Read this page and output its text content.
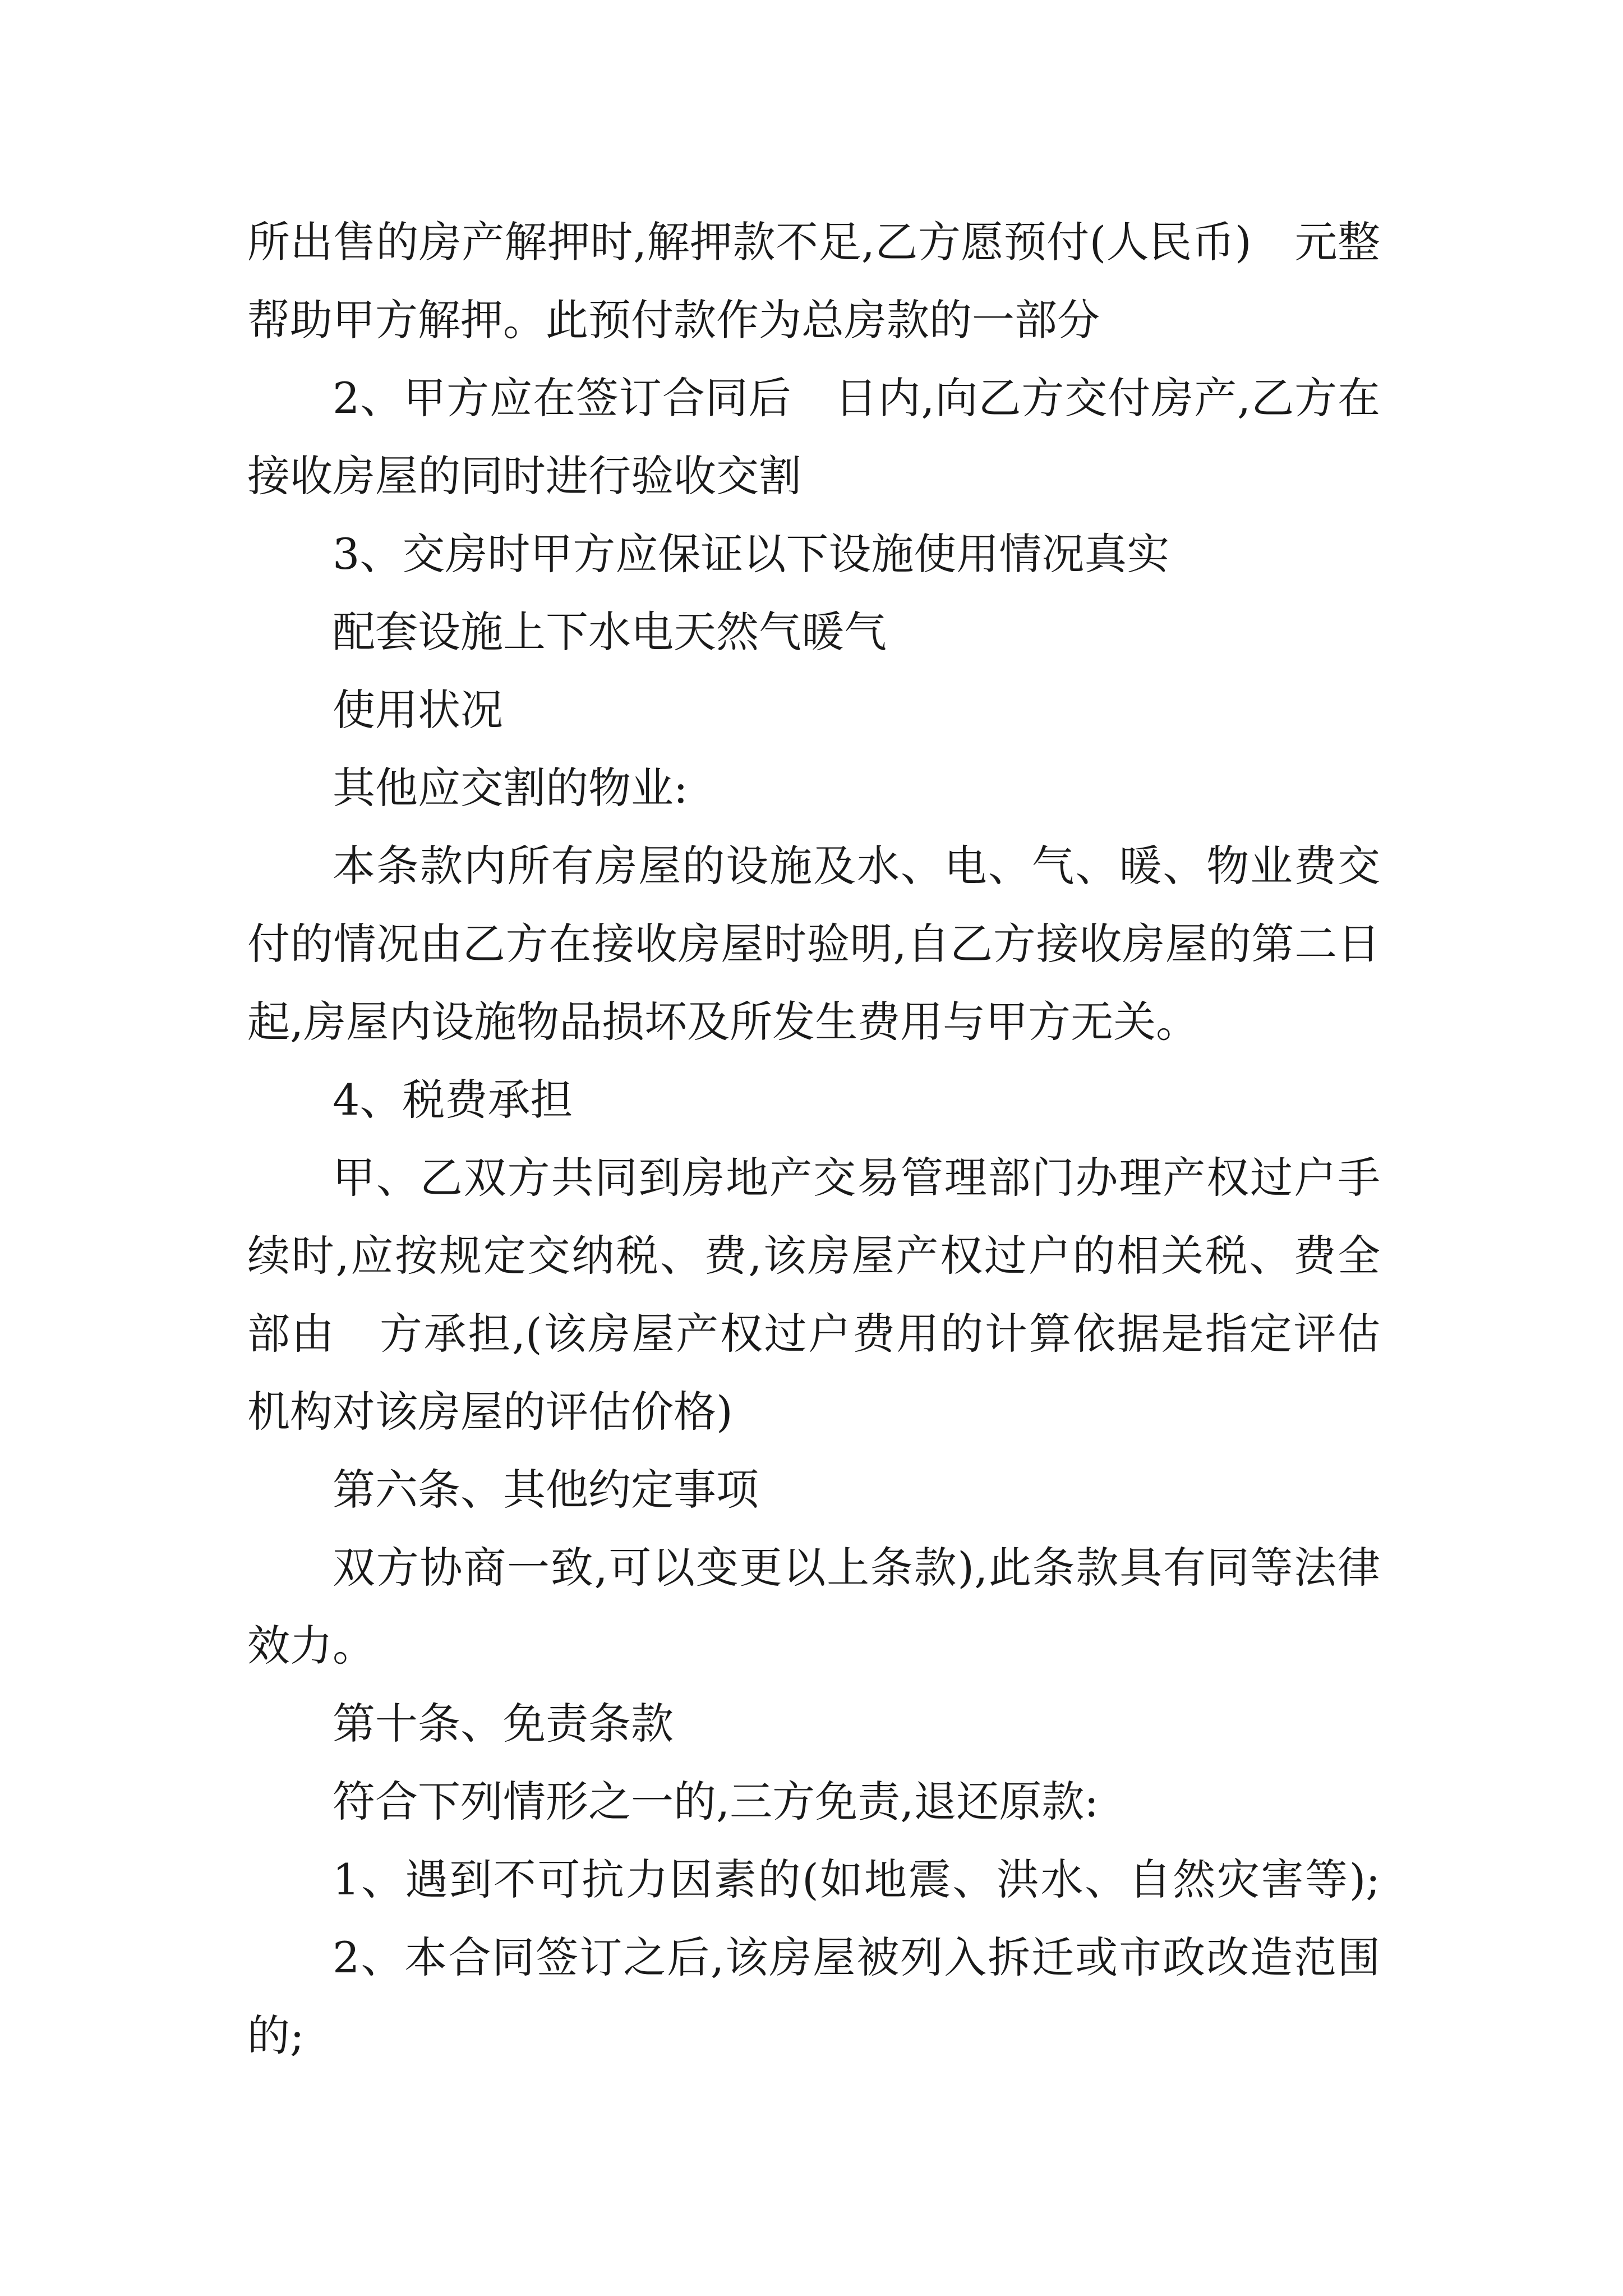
所出售的房产解押时,解押款不足,乙方愿预付(人民币)　元整帮助甲方解押。此预付款作为总房款的一部分

2、甲方应在签订合同后　日内,向乙方交付房产,乙方在接收房屋的同时进行验收交割

3、交房时甲方应保证以下设施使用情况真实

配套设施上下水电天然气暖气

使用状况

其他应交割的物业:

本条款内所有房屋的设施及水、电、气、暖、物业费交付的情况由乙方在接收房屋时验明,自乙方接收房屋的第二日起,房屋内设施物品损坏及所发生费用与甲方无关。

4、税费承担

甲、乙双方共同到房地产交易管理部门办理产权过户手续时,应按规定交纳税、费,该房屋产权过户的相关税、费全部由　方承担,(该房屋产权过户费用的计算依据是指定评估机构对该房屋的评估价格)

第六条、其他约定事项

双方协商一致,可以变更以上条款),此条款具有同等法律效力。

第十条、免责条款

符合下列情形之一的,三方免责,退还原款:

1、遇到不可抗力因素的(如地震、洪水、自然灾害等);

2、本合同签订之后,该房屋被列入拆迁或市政改造范围的;
